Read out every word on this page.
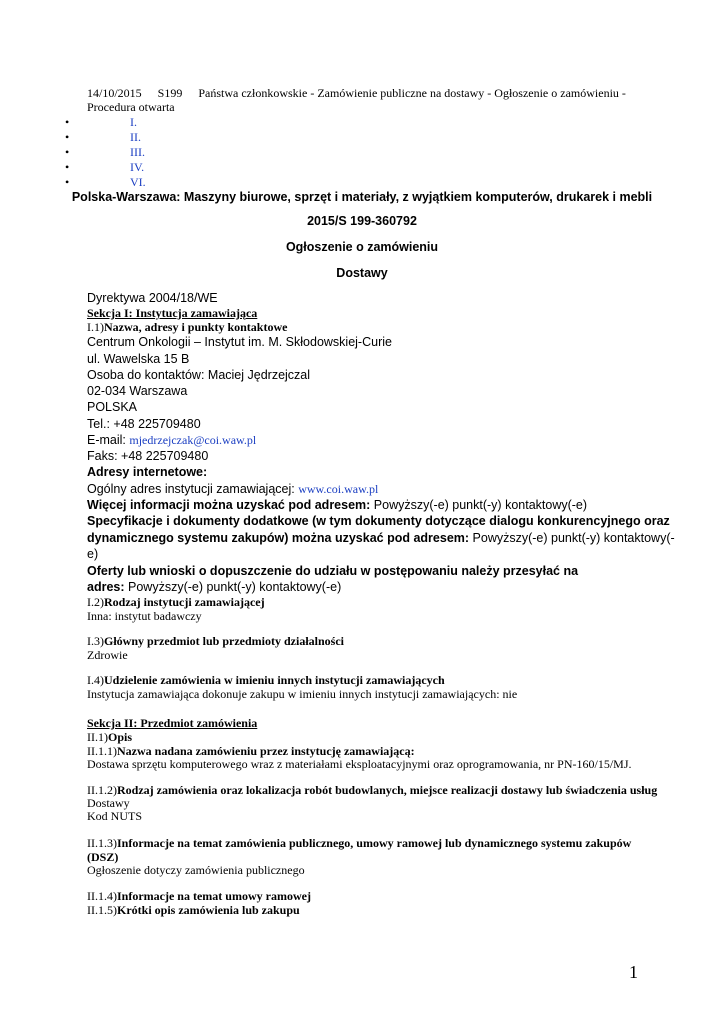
14/10/2015 S199 Państwa członkowskie - Zamówienie publiczne na dostawy - Ogłoszenie o zamówieniu -
Procedura otwarta
•	I.
•	II.
•	III.
•	IV.
•	VI.
Polska-Warszawa: Maszyny biurowe, sprzęt i materiały, z wyjątkiem komputerów, drukarek i mebli
2015/S 199-360792
Ogłoszenie o zamówieniu
Dostawy
Dyrektywa 2004/18/WE
Sekcja I: Instytucja zamawiająca
I.1)Nazwa, adresy i punkty kontaktowe
Centrum Onkologii – Instytut im. M. Skłodowskiej-Curie
ul. Wawelska 15 B
Osoba do kontaktów: Maciej Jędrzejczal
02-034 Warszawa
POLSKA
Tel.: +48 225709480
E-mail: mjedrzejczak@coi.waw.pl
Faks: +48 225709480
Adresy internetowe:
Ogólny adres instytucji zamawiającej: www.coi.waw.pl
Więcej informacji można uzyskać pod adresem: Powyższy(-e) punkt(-y) kontaktowy(-e)
Specyfikacje i dokumenty dodatkowe (w tym dokumenty dotyczące dialogu konkurencyjnego oraz
dynamicznego systemu zakupów) można uzyskać pod adresem: Powyższy(-e) punkt(-y) kontaktowy(-
e)
Oferty lub wnioski o dopuszczenie do udziału w postępowaniu należy przesyłać na
adres: Powyższy(-e) punkt(-y) kontaktowy(-e)
I.2)Rodzaj instytucji zamawiającej
Inna: instytut badawczy
I.3)Główny przedmiot lub przedmioty działalności
Zdrowie
I.4)Udzielenie zamówienia w imieniu innych instytucji zamawiających
Instytucja zamawiająca dokonuje zakupu w imieniu innych instytucji zamawiających: nie
Sekcja II: Przedmiot zamówienia
II.1)Opis
II.1.1)Nazwa nadana zamówieniu przez instytucję zamawiającą:
Dostawa sprzętu komputerowego wraz z materiałami eksploatacyjnymi oraz oprogramowania, nr PN-160/15/MJ.
II.1.2)Rodzaj zamówienia oraz lokalizacja robót budowlanych, miejsce realizacji dostawy lub świadczenia usług
Dostawy
Kod NUTS
II.1.3)Informacje na temat zamówienia publicznego, umowy ramowej lub dynamicznego systemu zakupów
(DSZ)
Ogłoszenie dotyczy zamówienia publicznego
II.1.4)Informacje na temat umowy ramowej
II.1.5)Krótki opis zamówienia lub zakupu
1
